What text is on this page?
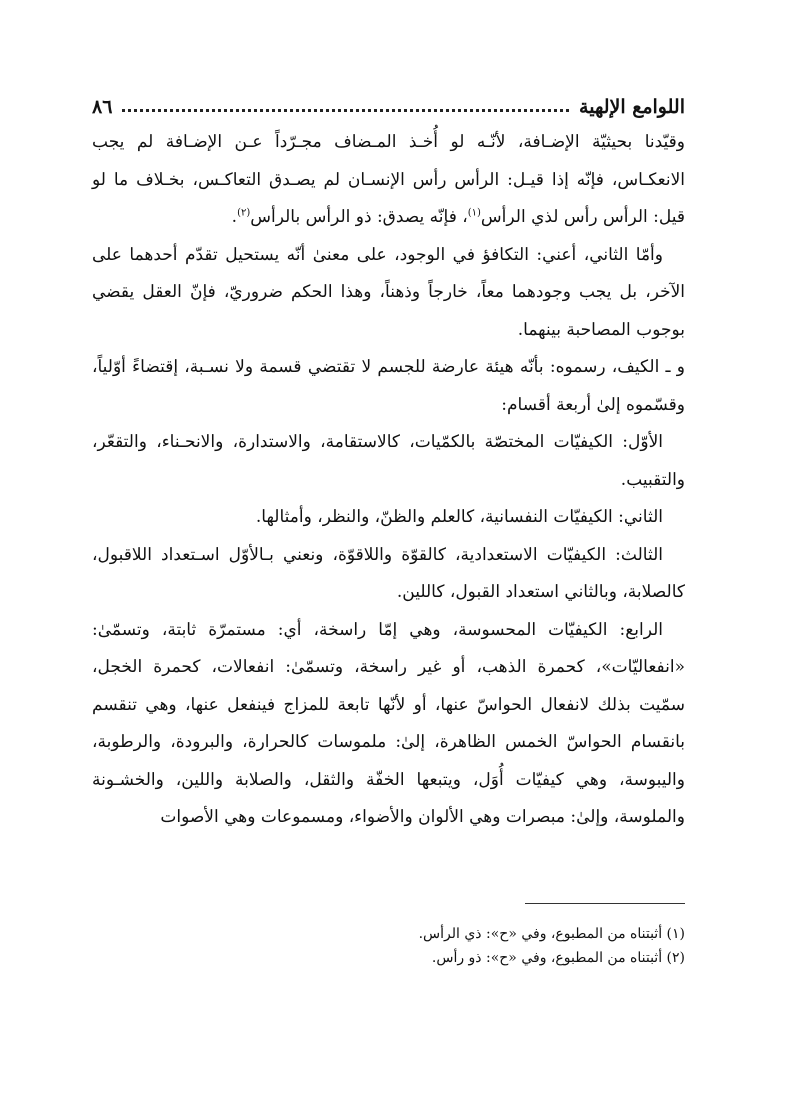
اللوامع الإلهية
٨٦

وقيّدنا بحيثيّة الإضـافة، لأنّـه لو أُخـذ المـضاف مجـرّداً عـن الإضـافة لم يجب الانعكـاس، فإنّه إذا قيـل: الرأس رأس الإنسـان لم يصـدق التعاكـس، بخـلاف ما لو قيل: الرأس رأس لذي الرأس$^{(١)}$، فإنّه يصدق: ذو الرأس بالرأس$^{(٢)}$.

وأمّا الثاني، أعني: التكافؤ في الوجود، على معنىٰ أنّه يستحيل تقدّم أحدهما على الآخر، بل يجب وجودهما معاً، خارجاً وذهناً، وهذا الحكم ضروريّ، فإنّ العقل يقضي بوجوب المصاحبة بينهما.

و ـ الكيف، رسموه: بأنّه هيئة عارضة للجسم لا تقتضي قسمة ولا نسـبة، إقتضاءً أوّلياً، وقسّموه إلىٰ أربعة أقسام:

الأوّل: الكيفيّات المختصّة بالكمّيات، كالاستقامة، والاستدارة، والانحـناء، والتقعّر، والتقبيب.

الثاني: الكيفيّات النفسانية، كالعلم والظنّ، والنظر، وأمثالها.

الثالث: الكيفيّات الاستعدادية، كالقوّة واللاقوّة، ونعني بـالأوّل اسـتعداد اللاقبول، كالصلابة، وبالثاني استعداد القبول، كاللين.

الرابع: الكيفيّات المحسوسة، وهي إمّا راسخة، أي: مستمرّة ثابتة، وتسمّىٰ: «انفعاليّات»، كحمرة الذهب، أو غير راسخة، وتسمّىٰ: انفعالات، كحمرة الخجل، سمّيت بذلك لانفعال الحواسّ عنها، أو لأنّها تابعة للمزاج فينفعل عنها، وهي تنقسم بانقسام الحواسّ الخمس الظاهرة، إلىٰ: ملموسات كالحرارة، والبرودة، والرطوبة، واليبوسة، وهي كيفيّات أُوَل، ويتبعها الخفّة والثقل، والصلابة واللين، والخشـونة والملوسة، وإلىٰ: مبصرات وهي الألوان والأضواء، ومسموعات وهي الأصوات

(١) أثبتناه من المطبوع، وفي «ح»: ذي الرأس.
(٢) أثبتناه من المطبوع، وفي «ح»: ذو رأس.
